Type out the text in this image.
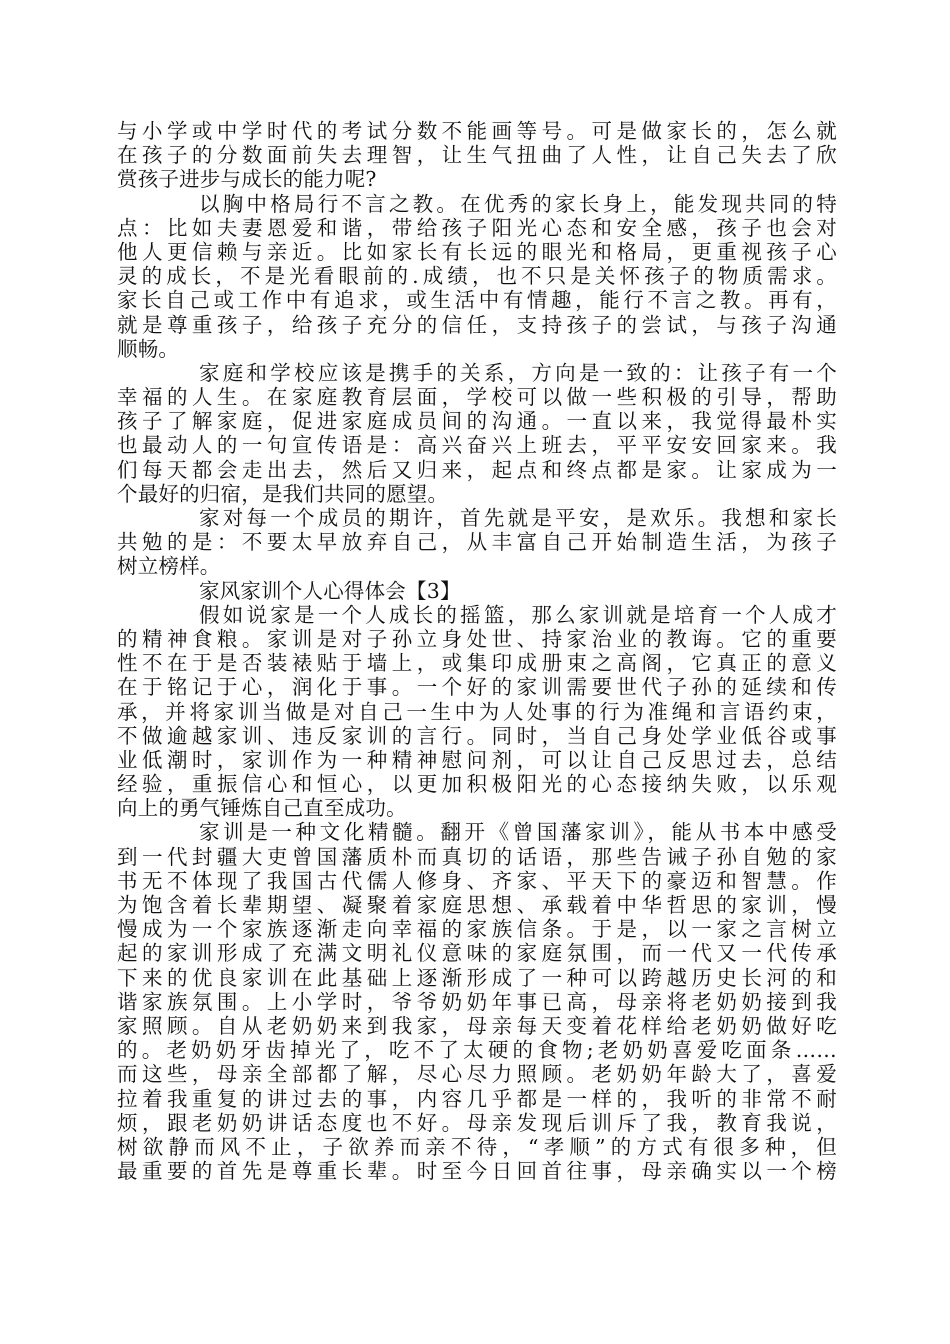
与小学或中学时代的考试分数不能画等号。可是做家长的，怎么就
在孩子的分数面前失去理智，让生气扭曲了人性，让自己失去了欣
赏孩子进步与成长的能力呢?
以胸中格局行不言之教。在优秀的家长身上，能发现共同的特
点：比如夫妻恩爱和谐，带给孩子阳光心态和安全感，孩子也会对
他人更信赖与亲近。比如家长有长远的眼光和格局，更重视孩子心
灵的成长，不是光看眼前的.成绩，也不只是关怀孩子的物质需求。
家长自己或工作中有追求，或生活中有情趣，能行不言之教。再有，
就是尊重孩子，给孩子充分的信任，支持孩子的尝试，与孩子沟通
顺畅。
家庭和学校应该是携手的关系，方向是一致的：让孩子有一个
幸福的人生。在家庭教育层面，学校可以做一些积极的引导，帮助
孩子了解家庭，促进家庭成员间的沟通。一直以来，我觉得最朴实
也最动人的一句宣传语是：高兴奋兴上班去，平平安安回家来。我
们每天都会走出去，然后又归来，起点和终点都是家。让家成为一
个最好的归宿，是我们共同的愿望。
家对每一个成员的期许，首先就是平安，是欢乐。我想和家长
共勉的是：不要太早放弃自己，从丰富自己开始制造生活，为孩子
树立榜样。
家风家训个人心得体会【3】
假如说家是一个人成长的摇篮，那么家训就是培育一个人成才
的精神食粮。家训是对子孙立身处世、持家治业的教诲。它的重要
性不在于是否装裱贴于墙上，或集印成册束之高阁，它真正的意义
在于铭记于心，润化于事。一个好的家训需要世代子孙的延续和传
承，并将家训当做是对自己一生中为人处事的行为准绳和言语约束，
不做逾越家训、违反家训的言行。同时，当自己身处学业低谷或事
业低潮时，家训作为一种精神慰问剂，可以让自己反思过去，总结
经验，重振信心和恒心，以更加积极阳光的心态接纳失败，以乐观
向上的勇气锤炼自己直至成功。
家训是一种文化精髓。翻开《曾国藩家训》，能从书本中感受
到一代封疆大吏曾国藩质朴而真切的话语，那些告诫子孙自勉的家
书无不体现了我国古代儒人修身、齐家、平天下的豪迈和智慧。作
为饱含着长辈期望、凝聚着家庭思想、承载着中华哲思的家训，慢
慢成为一个家族逐渐走向幸福的家族信条。于是，以一家之言树立
起的家训形成了充满文明礼仪意味的家庭氛围，而一代又一代传承
下来的优良家训在此基础上逐渐形成了一种可以跨越历史长河的和
谐家族氛围。上小学时，爷爷奶奶年事已高，母亲将老奶奶接到我
家照顾。自从老奶奶来到我家，母亲每天变着花样给老奶奶做好吃
的。老奶奶牙齿掉光了，吃不了太硬的食物;老奶奶喜爱吃面条……
而这些，母亲全部都了解，尽心尽力照顾。老奶奶年龄大了，喜爱
拉着我重复的讲过去的事，内容几乎都是一样的，我听的非常不耐
烦，跟老奶奶讲话态度也不好。母亲发现后训斥了我，教育我说，
树欲静而风不止，子欲养而亲不待，“孝顺”的方式有很多种，但
最重要的首先是尊重长辈。时至今日回首往事，母亲确实以一个榜
